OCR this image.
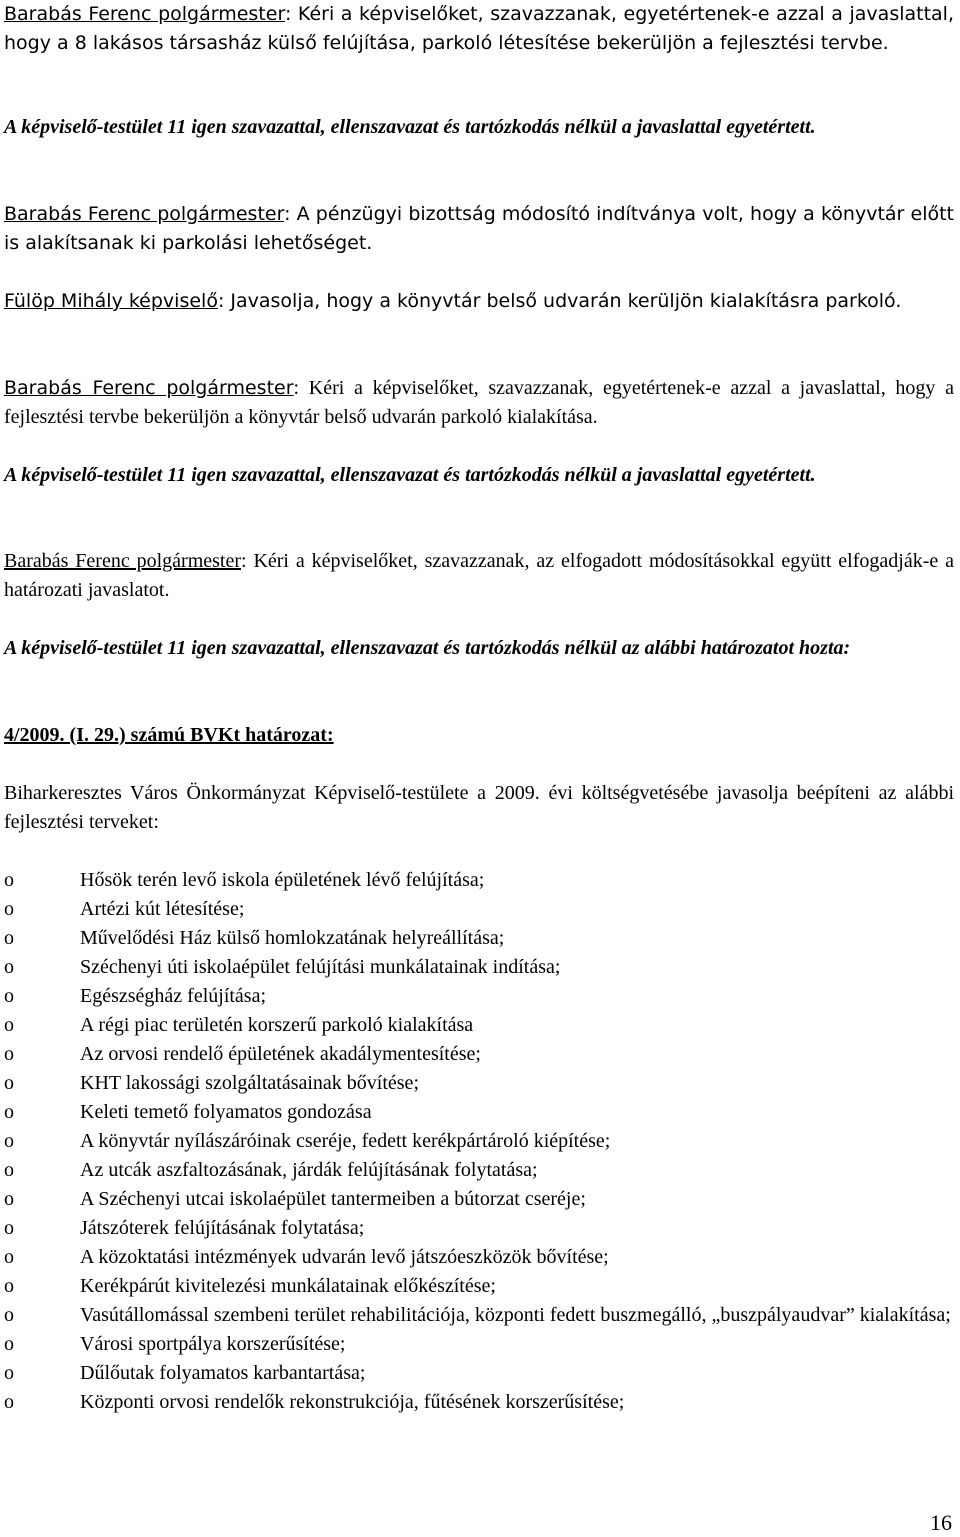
Barabás Ferenc polgármester: Kéri a képviselőket, szavazzanak, egyetértenek-e azzal a javaslattal, hogy a 8 lakásos társasház külső felújítása, parkoló létesítése bekerüljön a fejlesztési tervbe.

A képviselő-testület 11 igen szavazattal, ellenszavazat és tartózkodás nélkül a javaslattal egyetértett.

Barabás Ferenc polgármester: A pénzügyi bizottság módosító indítványa volt, hogy a könyvtár előtt is alakítsanak ki parkolási lehetőséget.

Fülöp Mihály képviselő: Javasolja, hogy a könyvtár belső udvarán kerüljön kialakításra parkoló.

Barabás Ferenc polgármester: Kéri a képviselőket, szavazzanak, egyetértenek-e azzal a javaslattal, hogy a fejlesztési tervbe bekerüljön a könyvtár belső udvarán parkoló kialakítása.

A képviselő-testület 11 igen szavazattal, ellenszavazat és tartózkodás nélkül a javaslattal egyetértett.

Barabás Ferenc polgármester: Kéri a képviselőket, szavazzanak, az elfogadott módosításokkal együtt elfogadják-e a határozati javaslatot.

A képviselő-testület 11 igen szavazattal, ellenszavazat és tartózkodás nélkül az alábbi határozatot hozta:

4/2009. (I. 29.) számú BVKt határozat:

Biharkeresztes Város Önkormányzat Képviselő-testülete a 2009. évi költségvetésébe javasolja beépíteni az alábbi fejlesztési terveket:

o	Hősök terén levő iskola épületének lévő felújítása;
o	Artézi kút létesítése;
o	Művelődési Ház külső homlokzatának helyreállítása;
o	Széchenyi úti iskolaépület felújítási munkálatainak indítása;
o	Egészségház felújítása;
o	A régi piac területén korszerű parkoló kialakítása
o	Az orvosi rendelő épületének akadálymentesítése;
o	KHT lakossági szolgáltatásainak bővítése;
o	Keleti temető folyamatos gondozása
o	A könyvtár nyílászáróinak cseréje, fedett kerékpártároló kiépítése;
o	Az utcák aszfaltozásának, járdák felújításának folytatása;
o	A Széchenyi utcai iskolaépület tantermeiben a bútorzat cseréje;
o	Játszóterek felújításának folytatása;
o	A közoktatási intézmények udvarán levő játszóeszközök bővítése;
o	Kerékpárút kivitelezési munkálatainak előkészítése;
o	Vasútállomással szembeni terület rehabilitációja, központi fedett buszmegálló, „buszpályaudvar” kialakítása;
o	Városi sportpálya korszerűsítése;
o	Dűlőutak folyamatos karbantartása;
o	Központi orvosi rendelők rekonstrukciója, fűtésének korszerűsítése;
16
